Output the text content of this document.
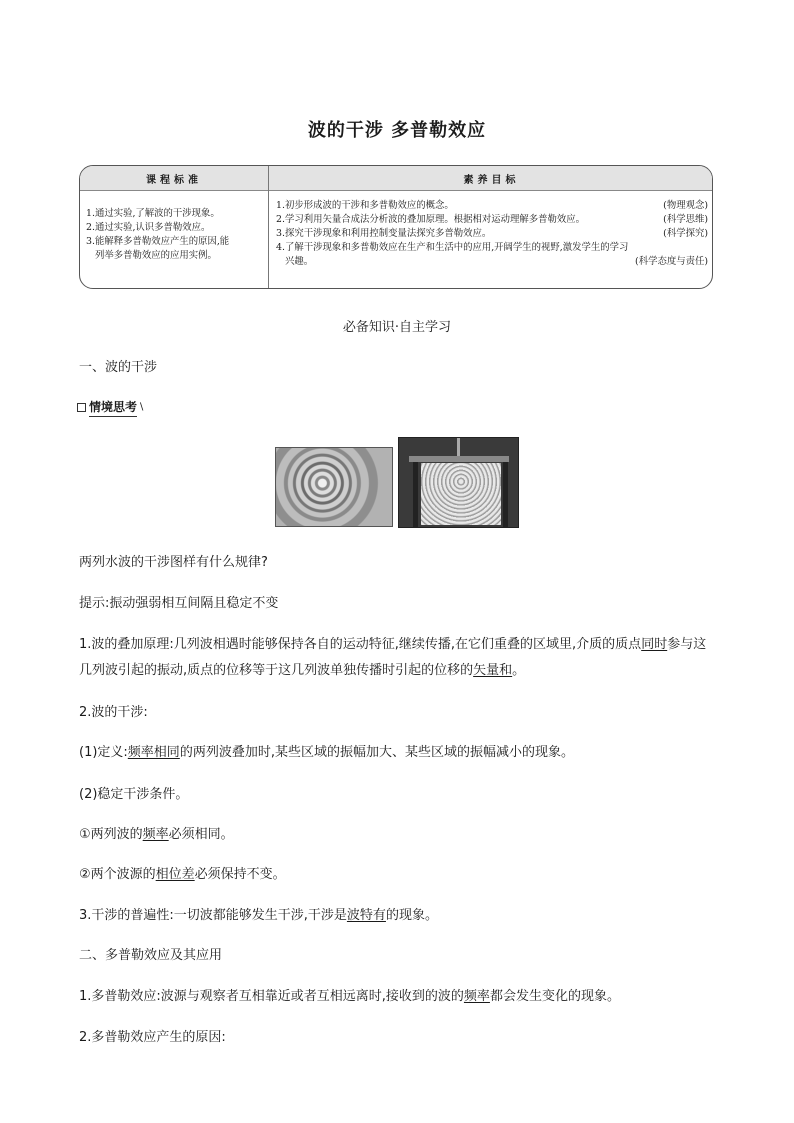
波的干涉 多普勒效应
课程标准	素养目标
1.通过实验,了解波的干涉现象。
2.通过实验,认识多普勒效应。
3.能解释多普勒效应产生的原因,能
列举多普勒效应的应用实例。
1.初步形成波的干涉和多普勒效应的概念。	(物理观念)
2.学习利用矢量合成法分析波的叠加原理。根据相对运动理解多普勒效应。	(科学思维)
3.探究干涉现象和利用控制变量法探究多普勒效应。	(科学探究)
4.了解干涉现象和多普勒效应在生产和生活中的应用,开阔学生的视野,激发学生的学习
兴趣。	(科学态度与责任)
必备知识·自主学习
一、波的干涉
情境思考 ∖
两列水波的干涉图样有什么规律?
提示:振动强弱相互间隔且稳定不变
1.波的叠加原理:几列波相遇时能够保持各自的运动特征,继续传播,在它们重叠的区域里,介质的质点同时参与这几列波引起的振动,质点的位移等于这几列波单独传播时引起的位移的矢量和。
2.波的干涉:
(1)定义:频率相同的两列波叠加时,某些区域的振幅加大、某些区域的振幅减小的现象。
(2)稳定干涉条件。
①两列波的频率必须相同。
②两个波源的相位差必须保持不变。
3.干涉的普遍性:一切波都能够发生干涉,干涉是波特有的现象。
二、多普勒效应及其应用
1.多普勒效应:波源与观察者互相靠近或者互相远离时,接收到的波的频率都会发生变化的现象。
2.多普勒效应产生的原因:
